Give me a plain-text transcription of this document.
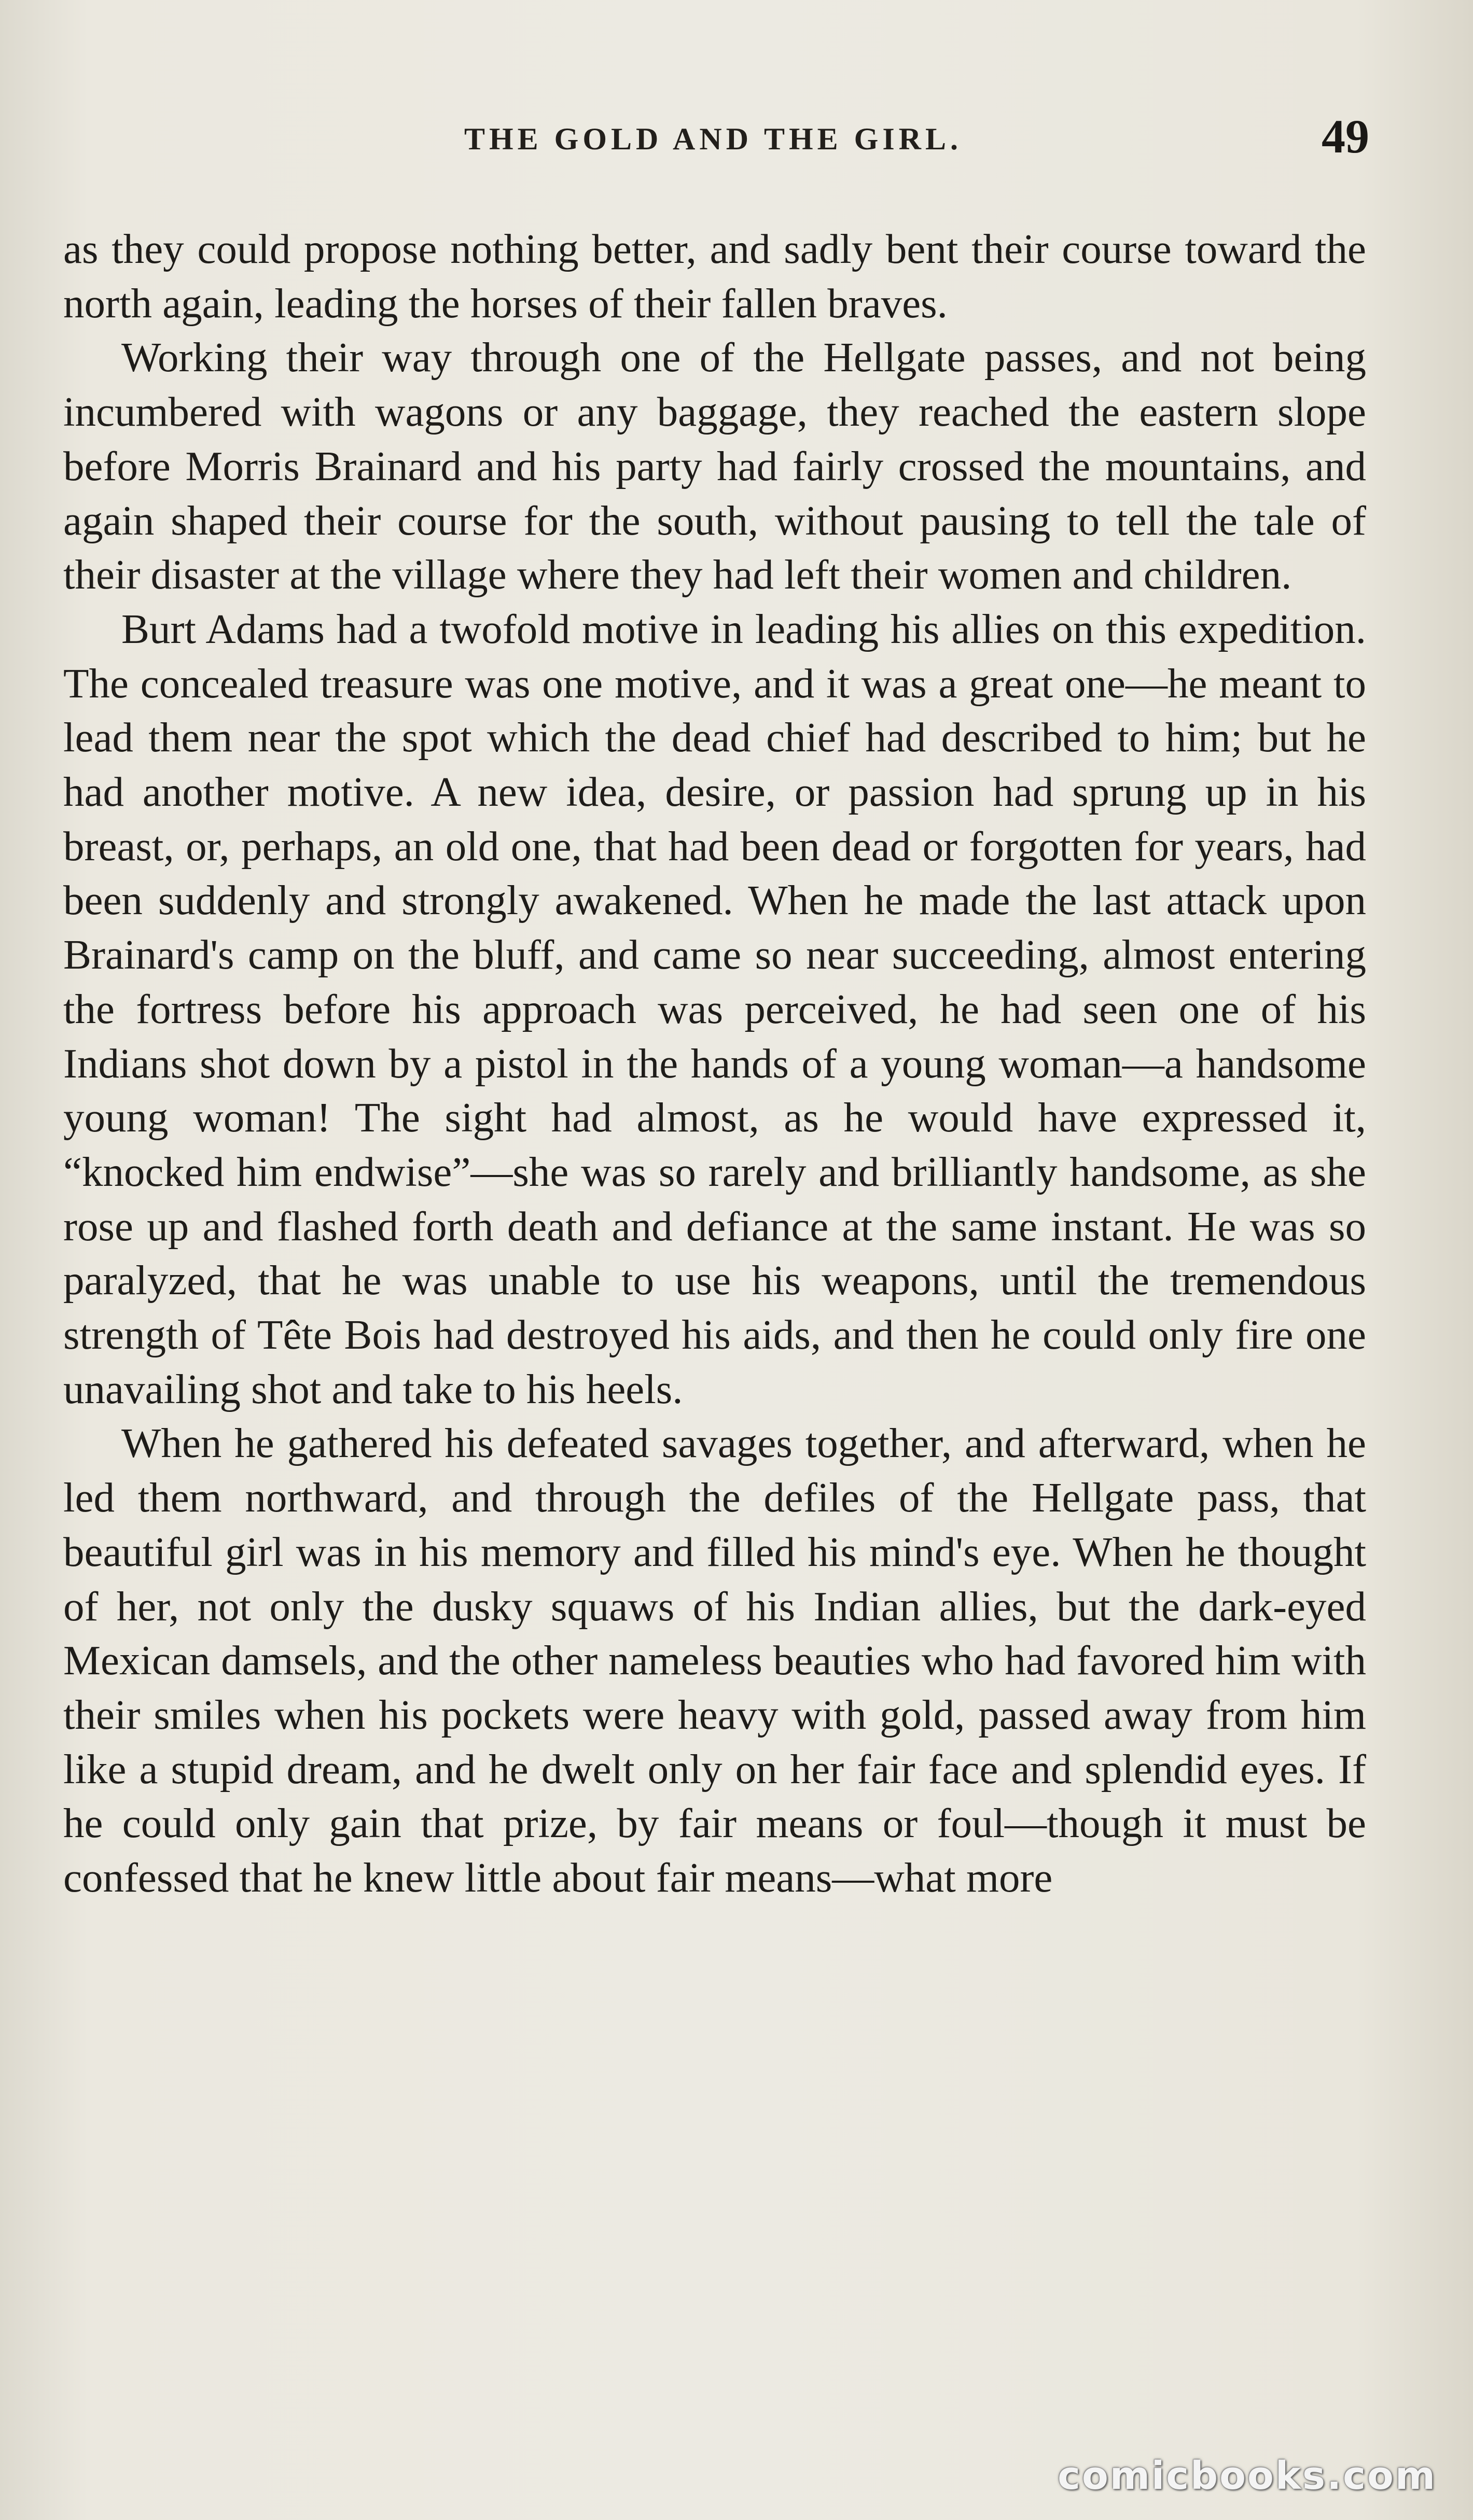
THE GOLD AND THE GIRL.	49

as they could propose nothing better, and sadly bent their course toward the north again, leading the horses of their fallen braves.

Working their way through one of the Hellgate passes, and not being incumbered with wagons or any baggage, they reached the eastern slope before Morris Brainard and his party had fairly crossed the mountains, and again shaped their course for the south, without pausing to tell the tale of their disaster at the village where they had left their women and children.

Burt Adams had a twofold motive in leading his allies on this expedition. The concealed treasure was one motive, and it was a great one—he meant to lead them near the spot which the dead chief had described to him; but he had another motive. A new idea, desire, or passion had sprung up in his breast, or, perhaps, an old one, that had been dead or forgotten for years, had been suddenly and strongly awakened. When he made the last attack upon Brainard's camp on the bluff, and came so near succeeding, almost entering the fortress before his approach was perceived, he had seen one of his Indians shot down by a pistol in the hands of a young woman—a handsome young woman! The sight had almost, as he would have expressed it, “knocked him endwise”—she was so rarely and brilliantly handsome, as she rose up and flashed forth death and defiance at the same instant. He was so paralyzed, that he was unable to use his weapons, until the tremendous strength of Tête Bois had destroyed his aids, and then he could only fire one unavailing shot and take to his heels.

When he gathered his defeated savages together, and afterward, when he led them northward, and through the defiles of the Hellgate pass, that beautiful girl was in his memory and filled his mind's eye. When he thought of her, not only the dusky squaws of his Indian allies, but the dark-eyed Mexican damsels, and the other nameless beauties who had favored him with their smiles when his pockets were heavy with gold, passed away from him like a stupid dream, and he dwelt only on her fair face and splendid eyes. If he could only gain that prize, by fair means or foul—though it must be confessed that he knew little about fair means—what more

comicbooks.com
